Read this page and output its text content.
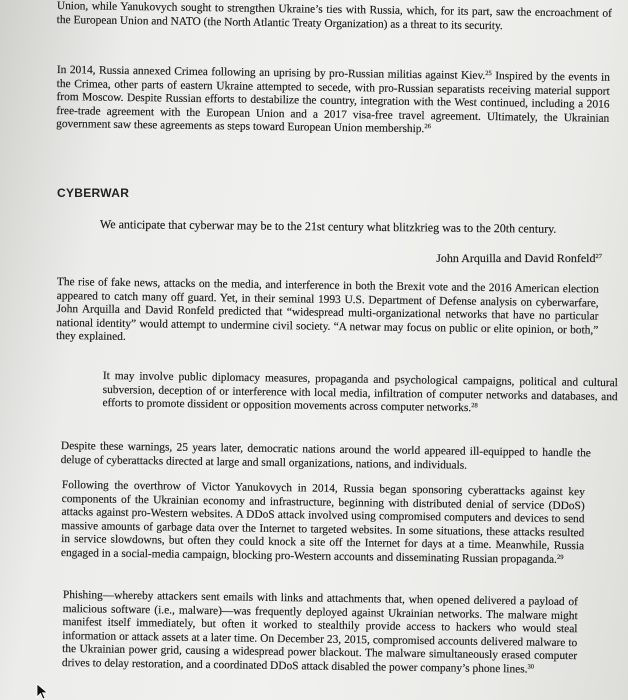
Union, while Yanukovych sought to strengthen Ukraine’s ties with Russia, which, for its part, saw the encroachment of the European Union and NATO (the North Atlantic Treaty Organization) as a threat to its security.

In 2014, Russia annexed Crimea following an uprising by pro-Russian militias against Kiev.$^{25}$ Inspired by the events in the Crimea, other parts of eastern Ukraine attempted to secede, with pro-Russian separatists receiving material support from Moscow. Despite Russian efforts to destabilize the country, integration with the West continued, including a 2016 free-trade agreement with the European Union and a 2017 visa-free travel agreement. Ultimately, the Ukrainian government saw these agreements as steps toward European Union membership.$^{26}$

CYBERWAR

We anticipate that cyberwar may be to the 21st century what blitzkrieg was to the 20th century.

John Arquilla and David Ronfeld$^{27}$

The rise of fake news, attacks on the media, and interference in both the Brexit vote and the 2016 American election appeared to catch many off guard. Yet, in their seminal 1993 U.S. Department of Defense analysis on cyberwarfare, John Arquilla and David Ronfeld predicted that “widespread multi-organizational networks that have no particular national identity” would attempt to undermine civil society. “A netwar may focus on public or elite opinion, or both,” they explained.

It may involve public diplomacy measures, propaganda and psychological campaigns, political and cultural subversion, deception of or interference with local media, infiltration of computer networks and databases, and efforts to promote dissident or opposition movements across computer networks.$^{28}$

Despite these warnings, 25 years later, democratic nations around the world appeared ill-equipped to handle the deluge of cyberattacks directed at large and small organizations, nations, and individuals.

Following the overthrow of Victor Yanukovych in 2014, Russia began sponsoring cyberattacks against key components of the Ukrainian economy and infrastructure, beginning with distributed denial of service (DDoS) attacks against pro-Western websites. A DDoS attack involved using compromised computers and devices to send massive amounts of garbage data over the Internet to targeted websites. In some situations, these attacks resulted in service slowdowns, but often they could knock a site off the Internet for days at a time. Meanwhile, Russia engaged in a social-media campaign, blocking pro-Western accounts and disseminating Russian propaganda.$^{29}$

Phishing—whereby attackers sent emails with links and attachments that, when opened delivered a payload of malicious software (i.e., malware)—was frequently deployed against Ukrainian networks. The malware might manifest itself immediately, but often it worked to stealthily provide access to hackers who would steal information or attack assets at a later time. On December 23, 2015, compromised accounts delivered malware to the Ukrainian power grid, causing a widespread power blackout. The malware simultaneously erased computer drives to delay restoration, and a coordinated DDoS attack disabled the power company’s phone lines.$^{30}$
